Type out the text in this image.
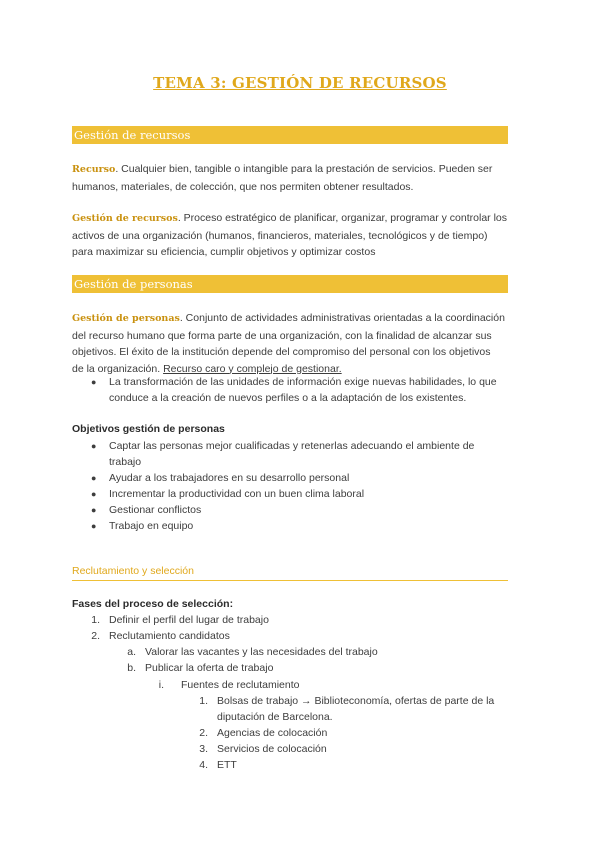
TEMA 3: GESTIÓN DE RECURSOS
Gestión de recursos
Recurso. Cualquier bien, tangible o intangible para la prestación de servicios. Pueden ser
humanos, materiales, de colección, que nos permiten obtener resultados.
Gestión de recursos. Proceso estratégico de planificar, organizar, programar y controlar los
activos de una organización (humanos, financieros, materiales, tecnológicos y de tiempo)
para maximizar su eficiencia, cumplir objetivos y optimizar costos
Gestión de personas
Gestión de personas. Conjunto de actividades administrativas orientadas a la coordinación
del recurso humano que forma parte de una organización, con la finalidad de alcanzar sus
objetivos. El éxito de la institución depende del compromiso del personal con los objetivos
de la organización. Recurso caro y complejo de gestionar.
● La transformación de las unidades de información exige nuevas habilidades, lo que
conduce a la creación de nuevos perfiles o a la adaptación de los existentes.
Objetivos gestión de personas
● Captar las personas mejor cualificadas y retenerlas adecuando el ambiente de
trabajo
● Ayudar a los trabajadores en su desarrollo personal
● Incrementar la productividad con un buen clima laboral
● Gestionar conflictos
● Trabajo en equipo
Reclutamiento y selección
Fases del proceso de selección:
1. Definir el perfil del lugar de trabajo
2. Reclutamiento candidatos
a. Valorar las vacantes y las necesidades del trabajo
b. Publicar la oferta de trabajo
i. Fuentes de reclutamiento
1. Bolsas de trabajo → Biblioteconomía, ofertas de parte de la
diputación de Barcelona.
2. Agencias de colocación
3. Servicios de colocación
4. ETT
